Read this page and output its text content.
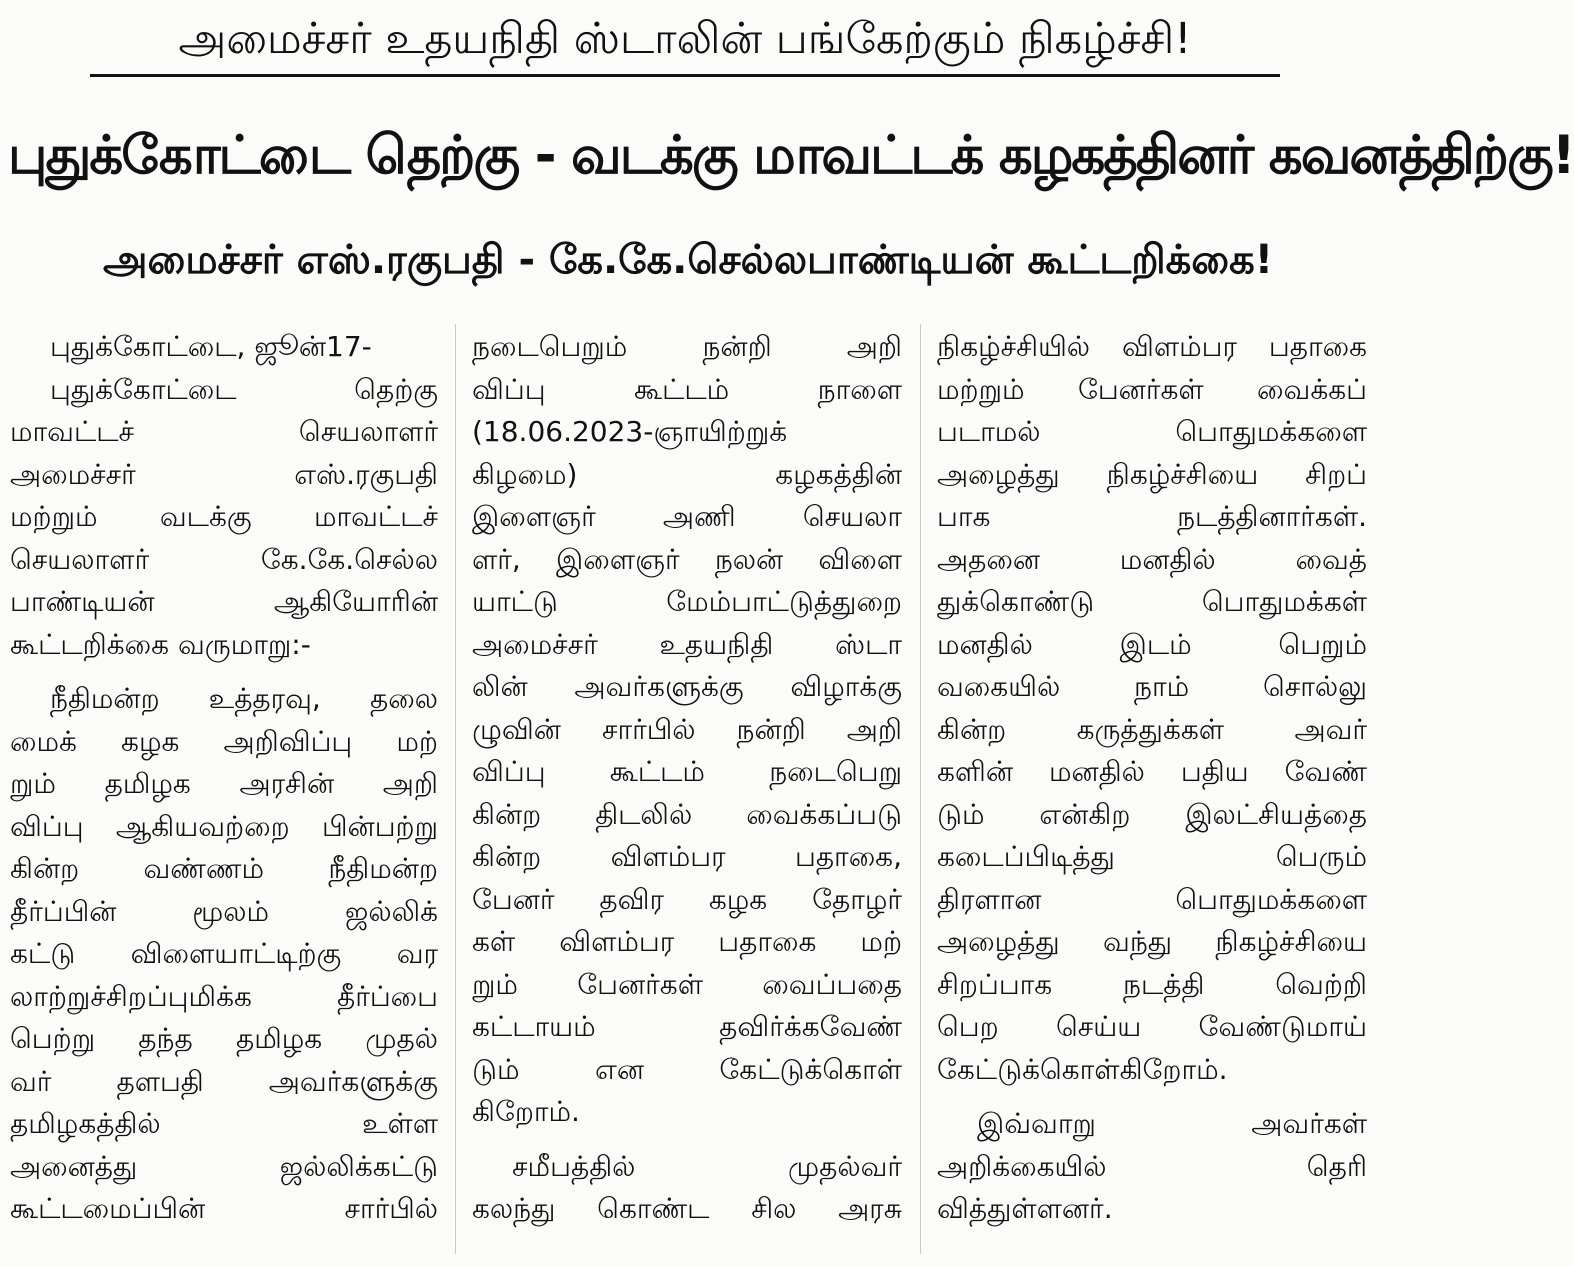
அமைச்சர் உதயநிதி ஸ்டாலின் பங்கேற்கும் நிகழ்ச்சி!
புதுக்கோட்டை தெற்கு - வடக்கு மாவட்டக் கழகத்தினர் கவனத்திற்கு!
அமைச்சர் எஸ்.ரகுபதி - கே.கே.செல்லபாண்டியன் கூட்டறிக்கை!
புதுக்கோட்டை, ஜூன்17-
புதுக்கோட்டை தெற்கு
மாவட்டச் செயலாளர்
அமைச்சர் எஸ்.ரகுபதி
மற்றும் வடக்கு மாவட்டச்
செயலாளர் கே.கே.செல்ல
பாண்டியன் ஆகியோரின்
கூட்டறிக்கை வருமாறு:-
நீதிமன்ற உத்தரவு, தலை
மைக் கழக அறிவிப்பு மற்
றும் தமிழக அரசின் அறி
விப்பு ஆகியவற்றை பின்பற்று
கின்ற வண்ணம் நீதிமன்ற
தீர்ப்பின் மூலம் ஜல்லிக்
கட்டு விளையாட்டிற்கு வர
லாற்றுச்சிறப்புமிக்க தீர்ப்பை
பெற்று தந்த தமிழக முதல்
வர் தளபதி அவர்களுக்கு
தமிழகத்தில் உள்ள
அனைத்து ஜல்லிக்கட்டு
கூட்டமைப்பின் சார்பில்
நடைபெறும் நன்றி அறி
விப்பு கூட்டம் நாளை
(18.06.2023-ஞாயிற்றுக்
கிழமை) கழகத்தின்
இளைஞர் அணி செயலா
ளர், இளைஞர் நலன் விளை
யாட்டு மேம்பாட்டுத்துறை
அமைச்சர் உதயநிதி ஸ்டா
லின் அவர்களுக்கு விழாக்கு
ழுவின் சார்பில் நன்றி அறி
விப்பு கூட்டம் நடைபெறு
கின்ற திடலில் வைக்கப்படு
கின்ற விளம்பர பதாகை,
பேனர் தவிர கழக தோழர்
கள் விளம்பர பதாகை மற்
றும் பேனர்கள் வைப்பதை
கட்டாயம் தவிர்க்கவேண்
டும் என கேட்டுக்கொள்
கிறோம்.
சமீபத்தில் முதல்வர்
கலந்து கொண்ட சில அரசு
நிகழ்ச்சியில் விளம்பர பதாகை
மற்றும் பேனர்கள் வைக்கப்
படாமல் பொதுமக்களை
அழைத்து நிகழ்ச்சியை சிறப்
பாக நடத்தினார்கள்.
அதனை மனதில் வைத்
துக்கொண்டு பொதுமக்கள்
மனதில் இடம் பெறும்
வகையில் நாம் சொல்லு
கின்ற கருத்துக்கள் அவர்
களின் மனதில் பதிய வேண்
டும் என்கிற இலட்சியத்தை
கடைப்பிடித்து பெரும்
திரளான பொதுமக்களை
அழைத்து வந்து நிகழ்ச்சியை
சிறப்பாக நடத்தி வெற்றி
பெற செய்ய வேண்டுமாய்
கேட்டுக்கொள்கிறோம்.
இவ்வாறு அவர்கள்
அறிக்கையில் தெரி
வித்துள்ளனர்.
